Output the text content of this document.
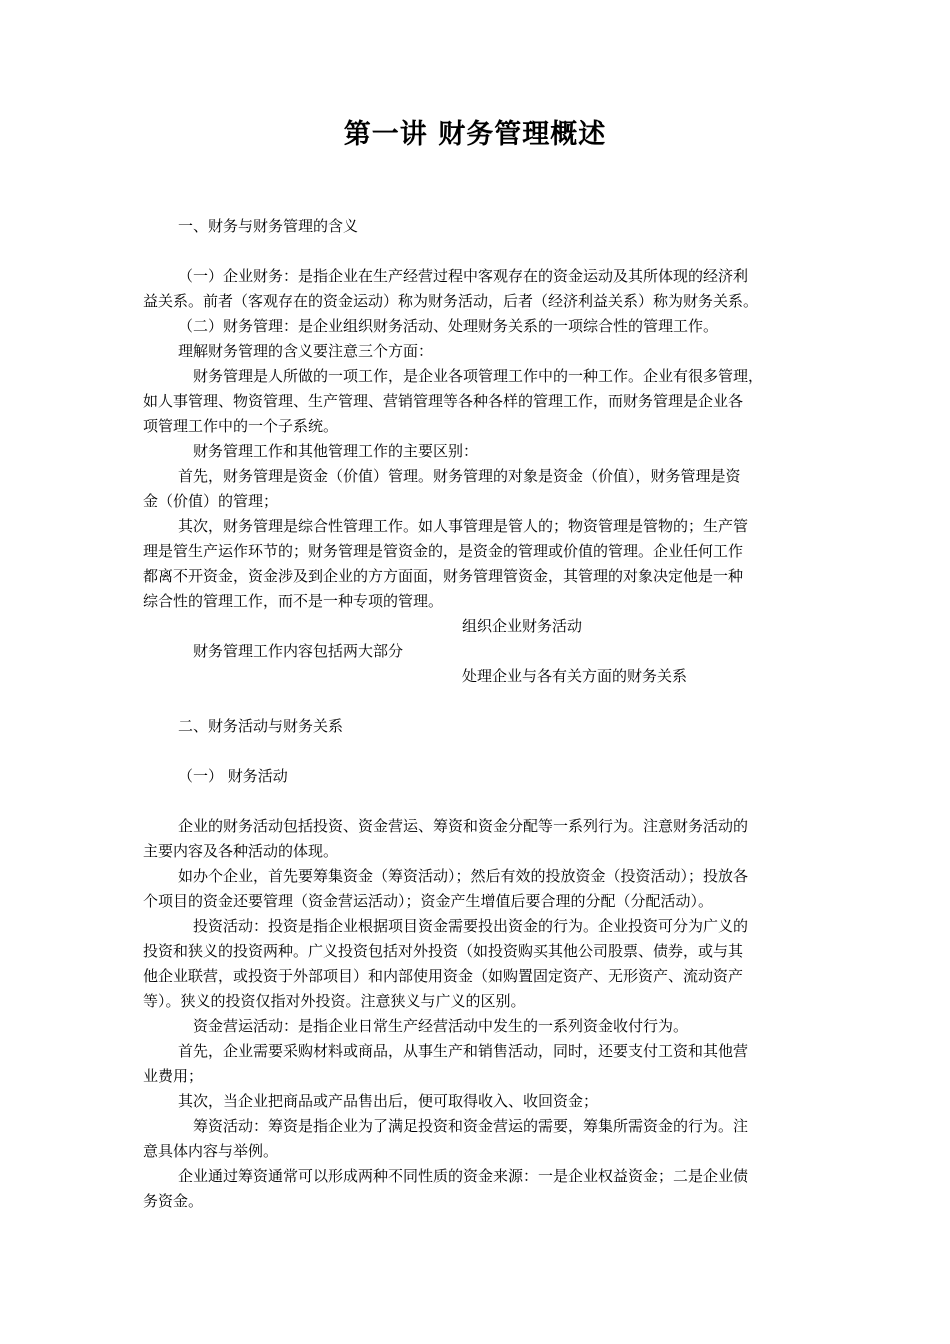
第一讲 财务管理概述

一、财务与财务管理的含义

（一）企业财务：是指企业在生产经营过程中客观存在的资金运动及其所体现的经济利

益关系。前者（客观存在的资金运动）称为财务活动，后者（经济利益关系）称为财务关系。

（二）财务管理：是企业组织财务活动、处理财务关系的一项综合性的管理工作。

理解财务管理的含义要注意三个方面：

财务管理是人所做的一项工作，是企业各项管理工作中的一种工作。企业有很多管理，

如人事管理、物资管理、生产管理、营销管理等各种各样的管理工作，而财务管理是企业各

项管理工作中的一个子系统。

财务管理工作和其他管理工作的主要区别：

首先，财务管理是资金（价值）管理。财务管理的对象是资金（价值），财务管理是资

金（价值）的管理；

其次，财务管理是综合性管理工作。如人事管理是管人的；物资管理是管物的；生产管

理是管生产运作环节的；财务管理是管资金的，是资金的管理或价值的管理。企业任何工作

都离不开资金，资金涉及到企业的方方面面，财务管理管资金，其管理的对象决定他是一种

综合性的管理工作，而不是一种专项的管理。

组织企业财务活动

财务管理工作内容包括两大部分

处理企业与各有关方面的财务关系

二、财务活动与财务关系

（一） 财务活动

企业的财务活动包括投资、资金营运、筹资和资金分配等一系列行为。注意财务活动的

主要内容及各种活动的体现。

如办个企业，首先要筹集资金（筹资活动）；然后有效的投放资金（投资活动）；投放各

个项目的资金还要管理（资金营运活动）；资金产生增值后要合理的分配（分配活动）。

投资活动：投资是指企业根据项目资金需要投出资金的行为。企业投资可分为广义的

投资和狭义的投资两种。广义投资包括对外投资（如投资购买其他公司股票、债券，或与其

他企业联营，或投资于外部项目）和内部使用资金（如购置固定资产、无形资产、流动资产

等）。狭义的投资仅指对外投资。注意狭义与广义的区别。

资金营运活动：是指企业日常生产经营活动中发生的一系列资金收付行为。

首先，企业需要采购材料或商品，从事生产和销售活动，同时，还要支付工资和其他营

业费用；

其次，当企业把商品或产品售出后，便可取得收入、收回资金；

筹资活动：筹资是指企业为了满足投资和资金营运的需要，筹集所需资金的行为。注

意具体内容与举例。

企业通过筹资通常可以形成两种不同性质的资金来源：一是企业权益资金；二是企业债

务资金。
